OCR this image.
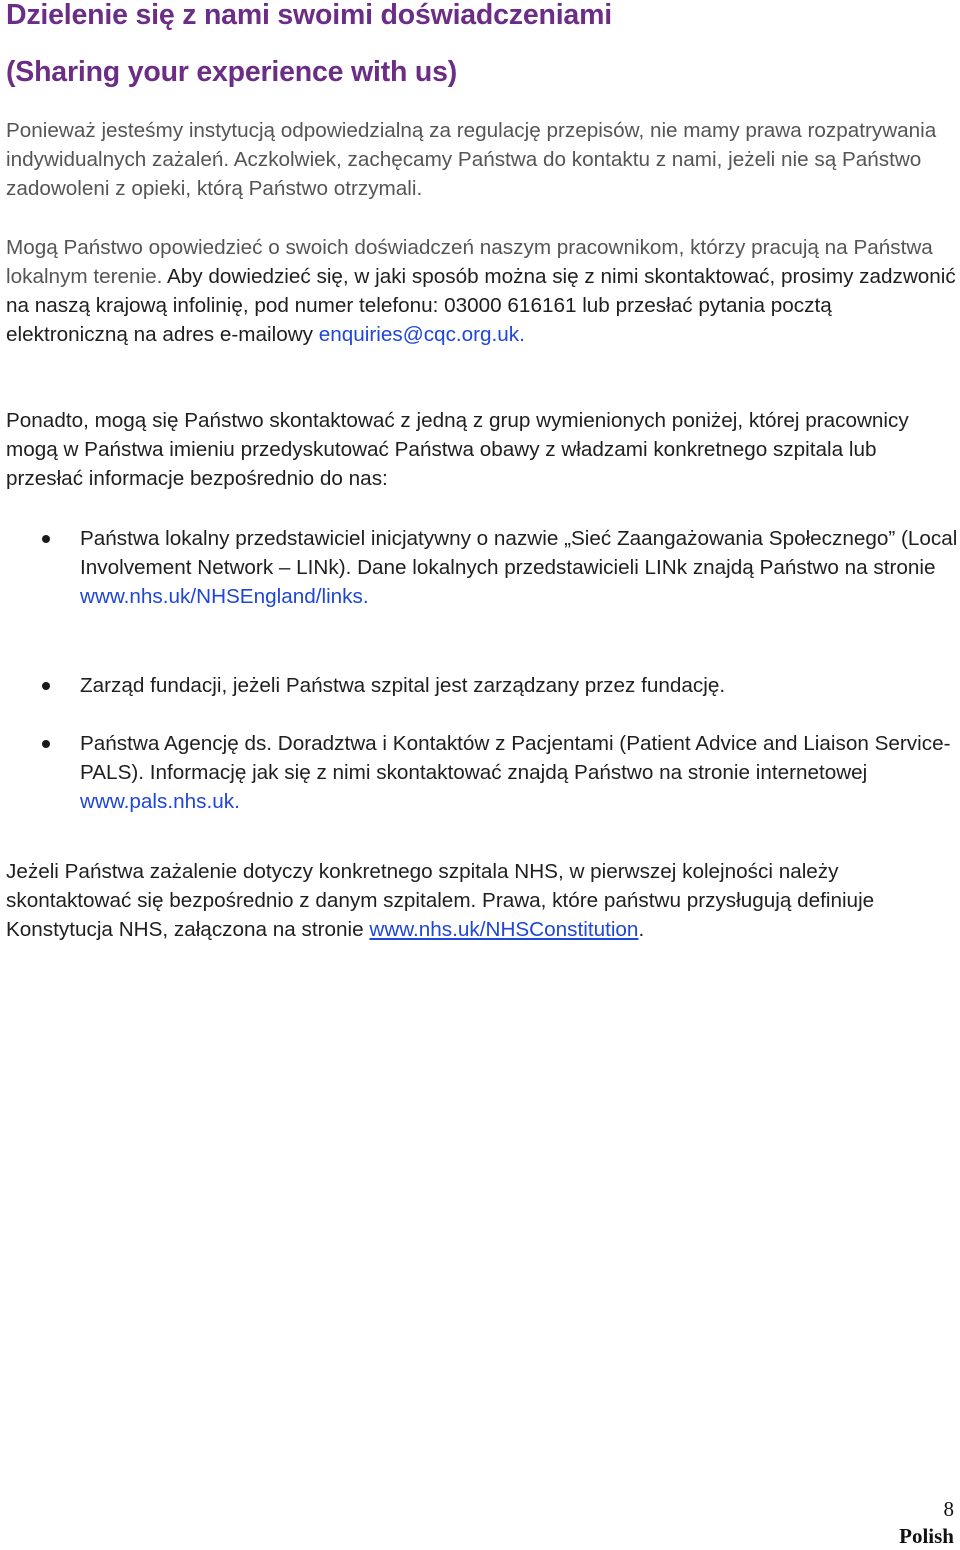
Dzielenie się z nami swoimi doświadczeniami
(Sharing your experience with us)

Ponieważ jesteśmy instytucją odpowiedzialną za regulację przepisów, nie mamy prawa rozpatrywania indywidualnych zażaleń. Aczkolwiek, zachęcamy Państwa do kontaktu z nami, jeżeli nie są Państwo zadowoleni z opieki, którą Państwo otrzymali.

Mogą Państwo opowiedzieć o swoich doświadczeń naszym pracownikom, którzy pracują na Państwa lokalnym terenie. Aby dowiedzieć się, w jaki sposób można się z nimi skontaktować, prosimy zadzwonić na naszą krajową infolinię, pod numer telefonu: 03000 616161 lub przesłać pytania pocztą elektroniczną na adres e-mailowy enquiries@cqc.org.uk.

Ponadto, mogą się Państwo skontaktować z jedną z grup wymienionych poniżej, której pracownicy mogą w Państwa imieniu przedyskutować Państwa obawy z władzami konkretnego szpitala lub przesłać informacje bezpośrednio do nas:

Państwa lokalny przedstawiciel inicjatywny o nazwie „Sieć Zaangażowania Społecznego” (Local Involvement Network – LINk). Dane lokalnych przedstawicieli LINk znajdą Państwo na stronie www.nhs.uk/NHSEngland/links.

Zarząd fundacji, jeżeli Państwa szpital jest zarządzany przez fundację.

Państwa Agencję ds. Doradztwa i Kontaktów z Pacjentami (Patient Advice and Liaison Service- PALS). Informację jak się z nimi skontaktować znajdą Państwo na stronie internetowej www.pals.nhs.uk.

Jeżeli Państwa zażalenie dotyczy konkretnego szpitala NHS, w pierwszej kolejności należy skontaktować się bezpośrednio z danym szpitalem. Prawa, które państwu przysługują definiuje Konstytucja NHS, załączona na stronie www.nhs.uk/NHSConstitution.

8
Polish
